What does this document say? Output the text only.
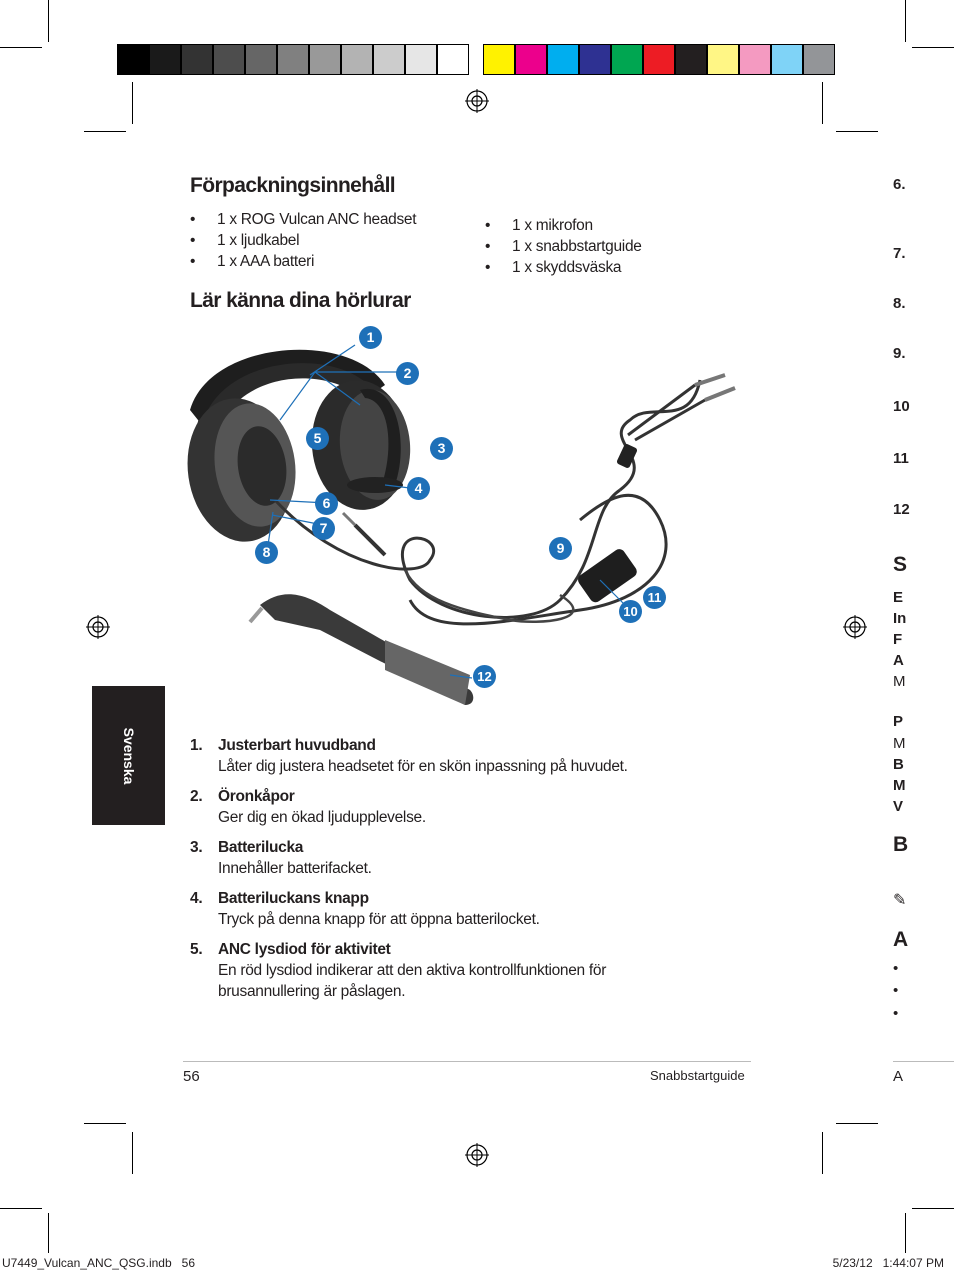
Svenska
Förpackningsinnehåll
• 1 x ROG Vulcan ANC headset
• 1 x ljudkabel
• 1 x AAA batteri
• 1 x mikrofon
• 1 x snabbstartguide
• 1 x skyddsväska
Lär känna dina hörlurar
1
2
3
4
5
6
7
8	9
10
11
12
1. Justerbart huvudband
Låter dig justera headsetet för en skön inpassning på huvudet.
2. Öronkåpor
Ger dig en ökad ljudupplevelse.
3. Batterilucka
Innehåller batterifacket.
4. Batteriluckans knapp
Tryck på denna knapp för att öppna batterilocket.
5. ANC lysdiod för aktivitet
En röd lysdiod indikerar att den aktiva kontrollfunktionen för brusannullering är påslagen.
56	Snabbstartguide
6.
7.
8.
9.
10
11
12
S
E
In
F
A
M
P
M
B
M
V
B
✎
A
•
•
•
A
U7449_Vulcan_ANC_QSG.indb   56	5/23/12   1:44:07 PM
